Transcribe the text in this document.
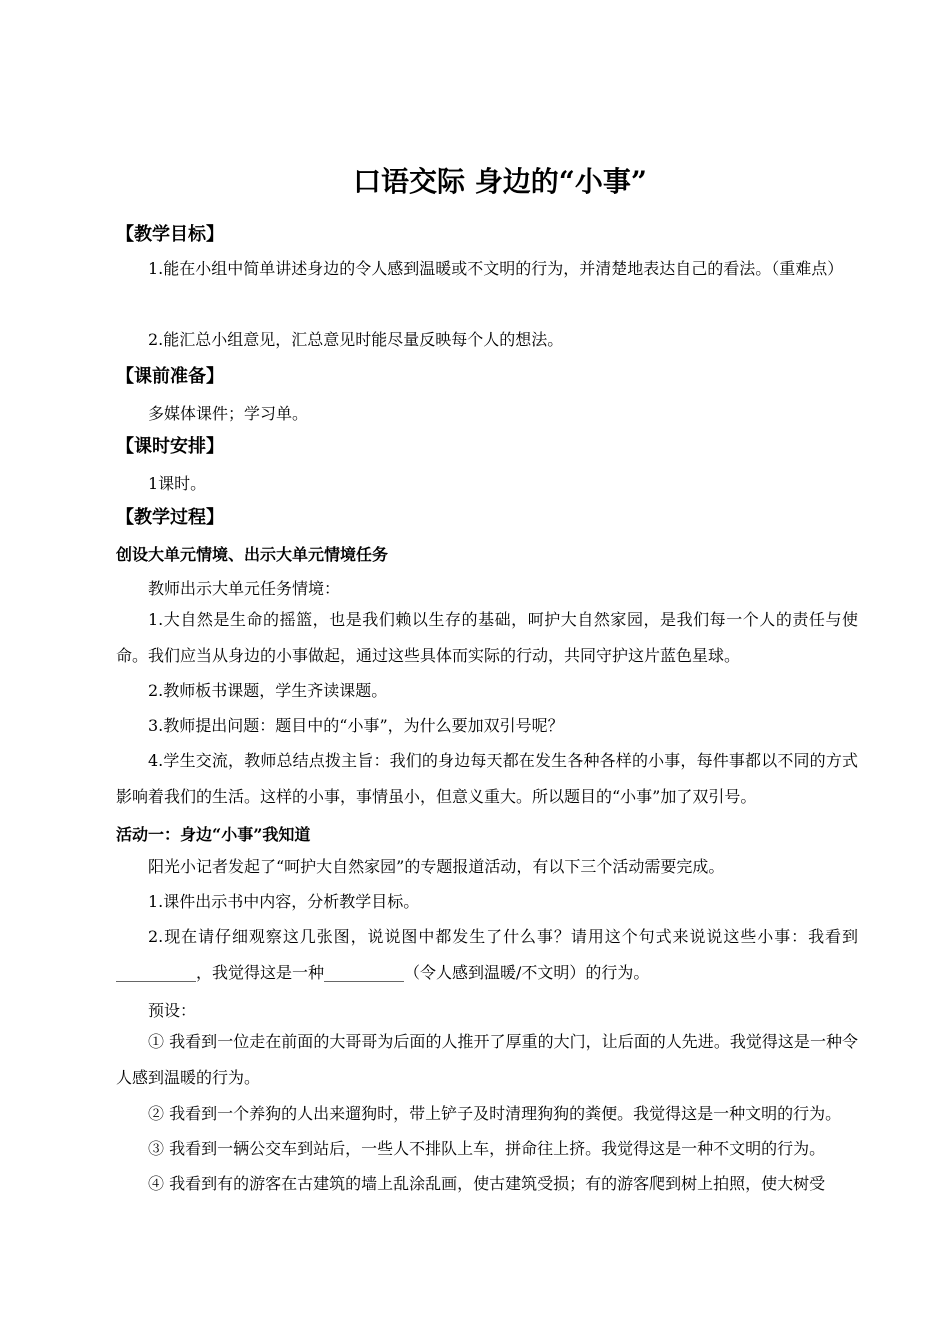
口语交际 身边的“小事”
【教学目标】
1.能在小组中简单讲述身边的令人感到温暖或不文明的行为，并清楚地表达自己的看法。（重难点）
2.能汇总小组意见，汇总意见时能尽量反映每个人的想法。
【课前准备】
多媒体课件；学习单。
【课时安排】
1课时。
【教学过程】
创设大单元情境、出示大单元情境任务
教师出示大单元任务情境：
1.大自然是生命的摇篮，也是我们赖以生存的基础，呵护大自然家园，是我们每一个人的责任与使命。我们应当从身边的小事做起，通过这些具体而实际的行动，共同守护这片蓝色星球。
2.教师板书课题，学生齐读课题。
3.教师提出问题：题目中的“小事”，为什么要加双引号呢？
4.学生交流，教师总结点拨主旨：我们的身边每天都在发生各种各样的小事，每件事都以不同的方式影响着我们的生活。这样的小事，事情虽小，但意义重大。所以题目的“小事”加了双引号。
活动一：身边“小事”我知道
阳光小记者发起了“呵护大自然家园”的专题报道活动，有以下三个活动需要完成。
1.课件出示书中内容，分析教学目标。
2.现在请仔细观察这几张图，说说图中都发生了什么事？请用这个句式来说说这些小事：我看到__________，我觉得这是一种__________（令人感到温暖/不文明）的行为。
预设：
① 我看到一位走在前面的大哥哥为后面的人推开了厚重的大门，让后面的人先进。我觉得这是一种令人感到温暖的行为。
② 我看到一个养狗的人出来遛狗时，带上铲子及时清理狗狗的粪便。我觉得这是一种文明的行为。
③ 我看到一辆公交车到站后，一些人不排队上车，拼命往上挤。我觉得这是一种不文明的行为。
④ 我看到有的游客在古建筑的墙上乱涂乱画，使古建筑受损；有的游客爬到树上拍照，使大树受
